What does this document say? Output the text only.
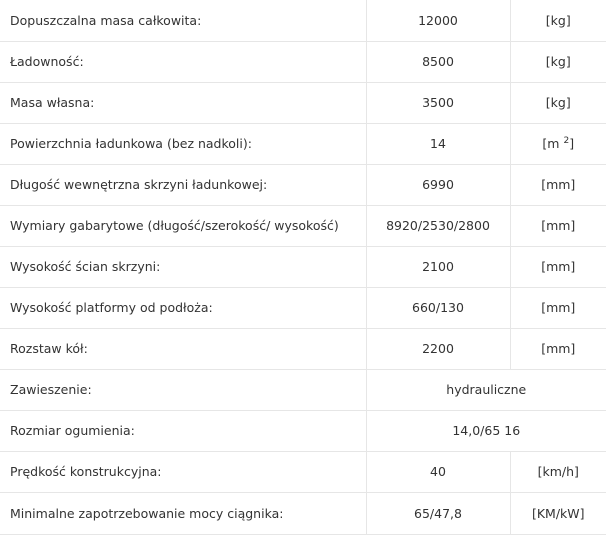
Dopuszczalna masa całkowita:	12000	[kg]
Ładowność:	8500	[kg]
Masa własna:	3500	[kg]
Powierzchnia ładunkowa (bez nadkoli):	14	[m $^2$]
Długość wewnętrzna skrzyni ładunkowej:	6990	[mm]
Wymiary gabarytowe (długość/szerokość/ wysokość)	8920/2530/2800	[mm]
Wysokość ścian skrzyni:	2100	[mm]
Wysokość platformy od podłoża:	660/130	[mm]
Rozstaw kół:	2200	[mm]
Zawieszenie:	hydrauliczne	
Rozmiar ogumienia:	14,0/65 16	
Prędkość konstrukcyjna:	40	[km/h]
Minimalne zapotrzebowanie mocy ciągnika:	65/47,8	[KM/kW]
